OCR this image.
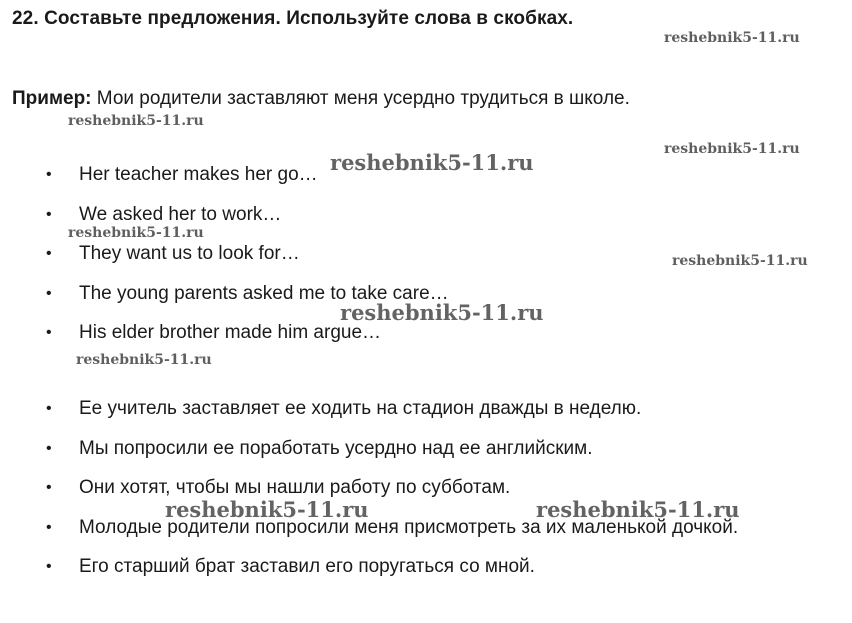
22. Составьте предложения. Используйте слова в скобках.
Пример: Мои родители заставляют меня усердно трудиться в школе.
• Her teacher makes her go…
• We asked her to work…
• They want us to look for…
• The young parents asked me to take care…
• His elder brother made him argue…
• Ее учитель заставляет ее ходить на стадион дважды в неделю.
• Мы попросили ее поработать усердно над ее английским.
• Они хотят, чтобы мы нашли работу по субботам.
• Молодые родители попросили меня присмотреть за их маленькой дочкой.
• Его старший брат заставил его поругаться со мной.
reshebnik5-11.ru
reshebnik5-11.ru
reshebnik5-11.ru
reshebnik5-11.ru
reshebnik5-11.ru
reshebnik5-11.ru
reshebnik5-11.ru
reshebnik5-11.ru
reshebnik5-11.ru	reshebnik5-11.ru
